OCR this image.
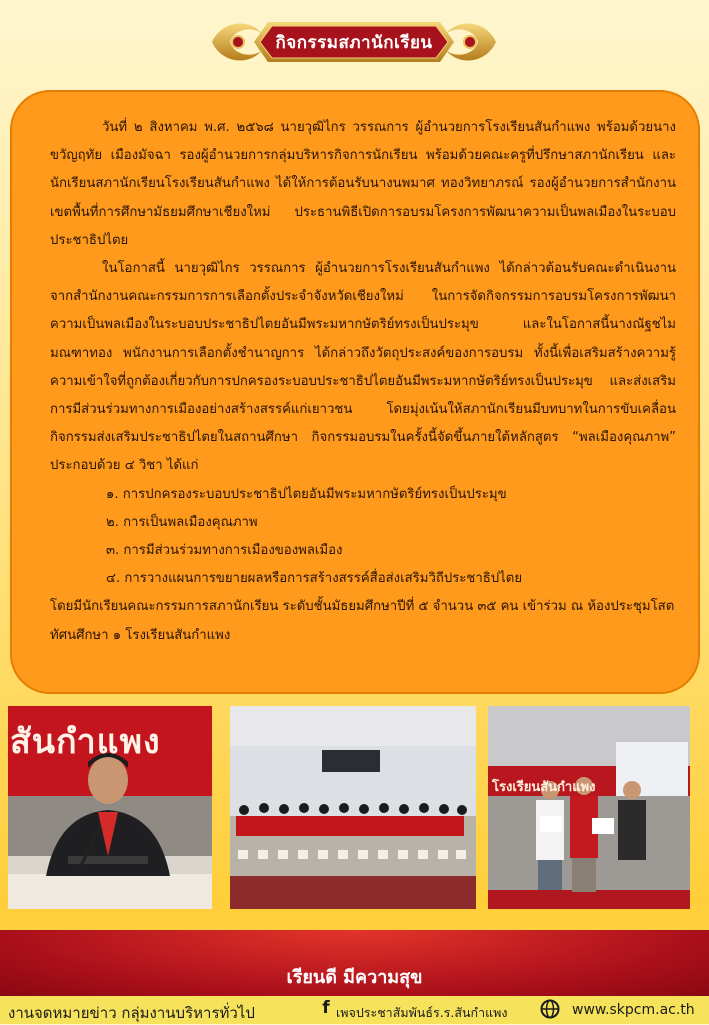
กิจกรรมสภานักเรียน

วันที่ ๒ สิงหาคม พ.ศ. ๒๕๖๘ นายวุฒิไกร วรรณการ ผู้อำนวยการโรงเรียนสันกำแพง พร้อมด้วยนางขวัญฤทัย เมืองมัจฉา รองผู้อำนวยการกลุ่มบริหารกิจการนักเรียน พร้อมด้วยคณะครูที่ปรึกษาสภานักเรียน และนักเรียนสภานักเรียนโรงเรียนสันกำแพง ได้ให้การต้อนรับนางนพมาศ ทองวิทยาภรณ์ รองผู้อำนวยการสำนักงานเขตพื้นที่การศึกษามัธยมศึกษาเชียงใหม่ ประธานพิธีเปิดการอบรมโครงการพัฒนาความเป็นพลเมืองในระบอบประชาธิปไตย

ในโอกาสนี้ นายวุฒิไกร วรรณการ ผู้อำนวยการโรงเรียนสันกำแพง ได้กล่าวต้อนรับคณะดำเนินงานจากสำนักงานคณะกรรมการการเลือกตั้งประจำจังหวัดเชียงใหม่ ในการจัดกิจกรรมการอบรมโครงการพัฒนาความเป็นพลเมืองในระบอบประชาธิปไตยอันมีพระมหากษัตริย์ทรงเป็นประมุข และในโอกาสนี้นางณัฐชไม มณฑาทอง พนักงานการเลือกตั้งชำนาญการ ได้กล่าวถึงวัตถุประสงค์ของการอบรม ทั้งนี้เพื่อเสริมสร้างความรู้ ความเข้าใจที่ถูกต้องเกี่ยวกับการปกครองระบอบประชาธิปไตยอันมีพระมหากษัตริย์ทรงเป็นประมุข และส่งเสริมการมีส่วนร่วมทางการเมืองอย่างสร้างสรรค์แก่เยาวชน โดยมุ่งเน้นให้สภานักเรียนมีบทบาทในการขับเคลื่อนกิจกรรมส่งเสริมประชาธิปไตยในสถานศึกษา กิจกรรมอบรมในครั้งนี้จัดขึ้นภายใต้หลักสูตร “พลเมืองคุณภาพ” ประกอบด้วย ๔ วิชา ได้แก่

๑. การปกครองระบอบประชาธิปไตยอันมีพระมหากษัตริย์ทรงเป็นประมุข

๒. การเป็นพลเมืองคุณภาพ

๓. การมีส่วนร่วมทางการเมืองของพลเมือง

๔. การวางแผนการขยายผลหรือการสร้างสรรค์สื่อส่งเสริมวิถีประชาธิปไตย

โดยมีนักเรียนคณะกรรมการสภานักเรียน ระดับชั้นมัธยมศึกษาปีที่ ๕ จำนวน ๓๕ คน เข้าร่วม ณ ห้องประชุมโสตทัศนศึกษา ๑ โรงเรียนสันกำแพง

สันกำแพง
โรงเรียนสันกำแพง
เรียนดี มีความสุข
งานจดหมายข่าว กลุ่มงานบริหารทั่วไป	f เพจประชาสัมพันธ์ร.ร.สันกำแพง	www.skpcm.ac.th
